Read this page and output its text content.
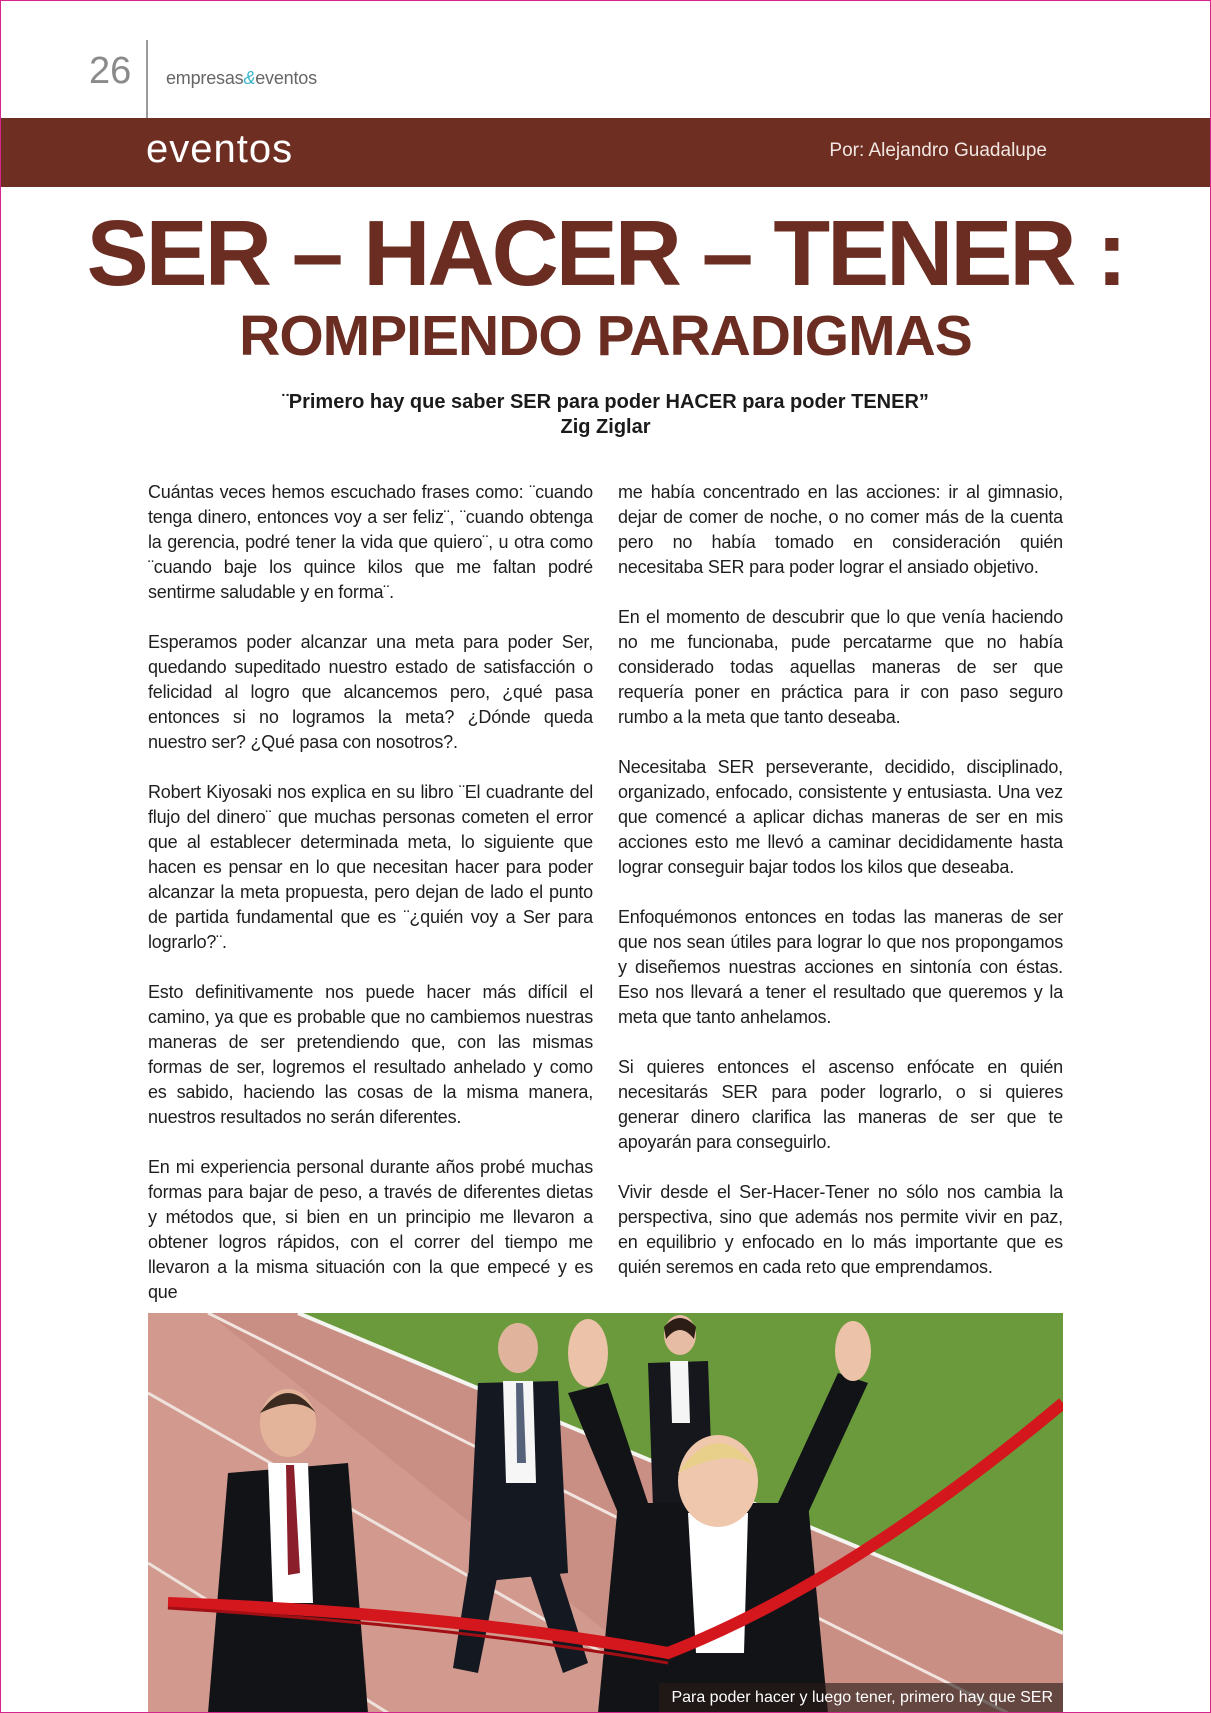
26 empresas&eventos
eventos	Por: Alejandro Guadalupe
SER – HACER – TENER :
ROMPIENDO PARADIGMAS
¨Primero hay que saber SER para poder HACER para poder TENER”
Zig Ziglar

Cuántas veces hemos escuchado frases como: ¨cuando tenga dinero, entonces voy a ser feliz¨, ¨cuando obtenga la gerencia, podré tener la vida que quiero¨, u otra como ¨cuando baje los quince kilos que me faltan podré sentirme saludable y en forma¨.

Esperamos poder alcanzar una meta para poder Ser, quedando supeditado nuestro estado de satisfacción o felicidad al logro que alcancemos pero, ¿qué pasa entonces si no logramos la meta? ¿Dónde queda nuestro ser? ¿Qué pasa con nosotros?.

Robert Kiyosaki nos explica en su libro ¨El cuadrante del flujo del dinero¨ que muchas personas cometen el error que al establecer determinada meta, lo siguiente que hacen es pensar en lo que necesitan hacer para poder alcanzar la meta propuesta, pero dejan de lado el punto de partida fundamental que es ¨¿quién voy a Ser para lograrlo?¨.

Esto definitivamente nos puede hacer más difícil el camino, ya que es probable que no cambiemos nuestras maneras de ser pretendiendo que, con las mismas formas de ser, logremos el resultado anhelado y como es sabido, haciendo las cosas de la misma manera, nuestros resultados no serán diferentes.

En mi experiencia personal durante años probé muchas formas para bajar de peso, a través de diferentes dietas y métodos que, si bien en un principio me llevaron a obtener logros rápidos, con el correr del tiempo me llevaron a la misma situación con la que empecé y es que

me había concentrado en las acciones: ir al gimnasio, dejar de comer de noche, o no comer más de la cuenta pero no había tomado en consideración quién necesitaba SER para poder lograr el ansiado objetivo.

En el momento de descubrir que lo que venía haciendo no me funcionaba, pude percatarme que no había considerado todas aquellas maneras de ser que requería poner en práctica para ir con paso seguro rumbo a la meta que tanto deseaba.

Necesitaba SER perseverante, decidido, disciplinado, organizado, enfocado, consistente y entusiasta. Una vez que comencé a aplicar dichas maneras de ser en mis acciones esto me llevó a caminar decididamente hasta lograr conseguir bajar todos los kilos que deseaba.

Enfoquémonos entonces en todas las maneras de ser que nos sean útiles para lograr lo que nos propongamos y diseñemos nuestras acciones en sintonía con éstas. Eso nos llevará a tener el resultado que queremos y la meta que tanto anhelamos.

Si quieres entonces el ascenso enfócate en quién necesitarás SER para poder lograrlo, o si quieres generar dinero clarifica las maneras de ser que te apoyarán para conseguirlo.

Vivir desde el Ser-Hacer-Tener no sólo nos cambia la perspectiva, sino que además nos permite vivir en paz, en equilibrio y enfocado en lo más importante que es quién seremos en cada reto que emprendamos.

Para poder hacer y luego tener, primero hay que SER
